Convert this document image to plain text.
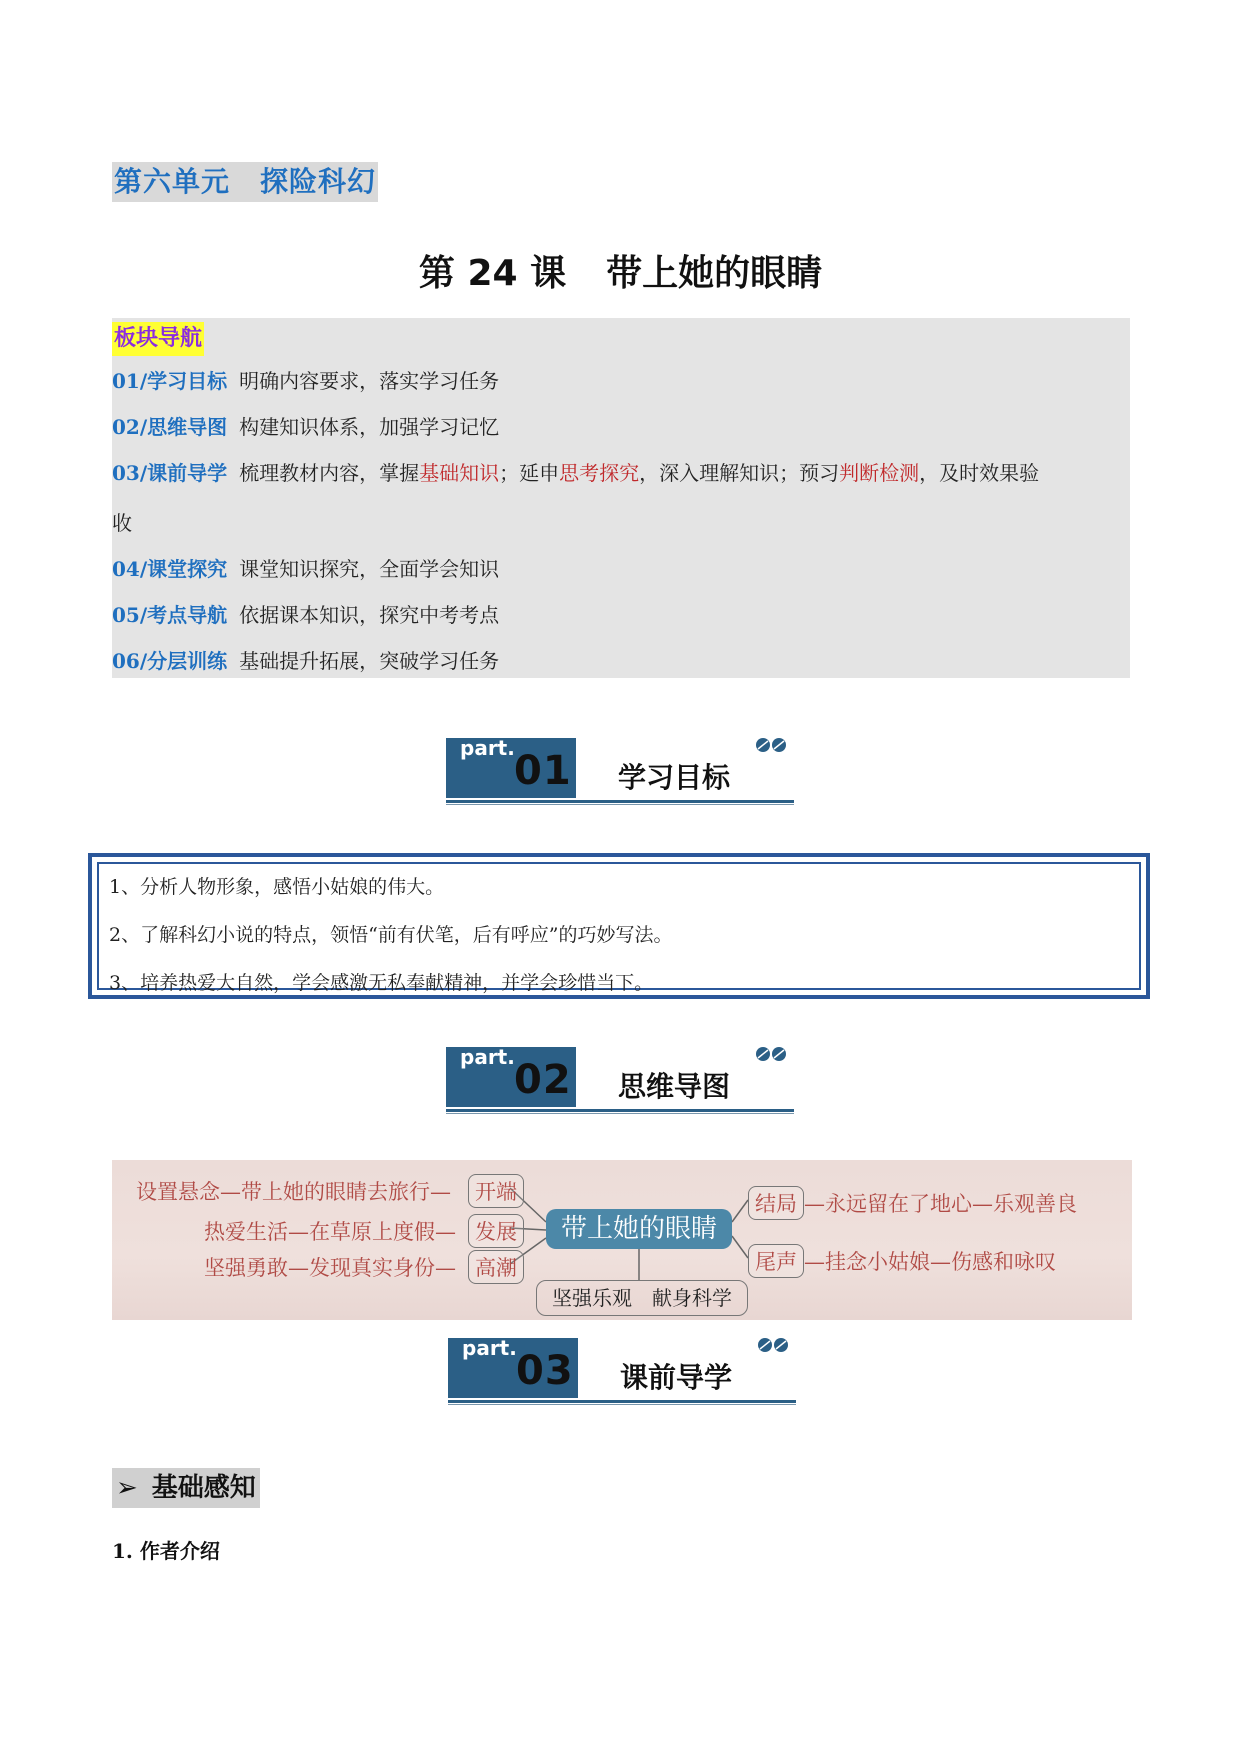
第六单元 探险科幻
第 24 课 带上她的眼睛
板块导航
01/学习目标 明确内容要求，落实学习任务
02/思维导图 构建知识体系，加强学习记忆
03/课前导学 梳理教材内容，掌握基础知识；延申思考探究，深入理解知识；预习判断检测，及时效果验
收
04/课堂探究 课堂知识探究，全面学会知识
05/考点导航 依据课本知识，探究中考考点
06/分层训练 基础提升拓展，突破学习任务
part. 01 学习目标
1、分析人物形象，感悟小姑娘的伟大。
2、了解科幻小说的特点，领悟“前有伏笔，后有呼应”的巧妙写法。
3、培养热爱大自然，学会感激无私奉献精神，并学会珍惜当下。
part. 02 思维导图
设置悬念—带上她的眼睛去旅行—	开端
热爱生活—在草原上度假— 发展
坚强勇敢—发现真实身份— 高潮
带上她的眼睛
结局 —永远留在了地心—乐观善良
尾声 —挂念小姑娘—伤感和咏叹
坚强乐观　献身科学
part. 03 课前导学
➢ 基础感知
1. 作者介绍
